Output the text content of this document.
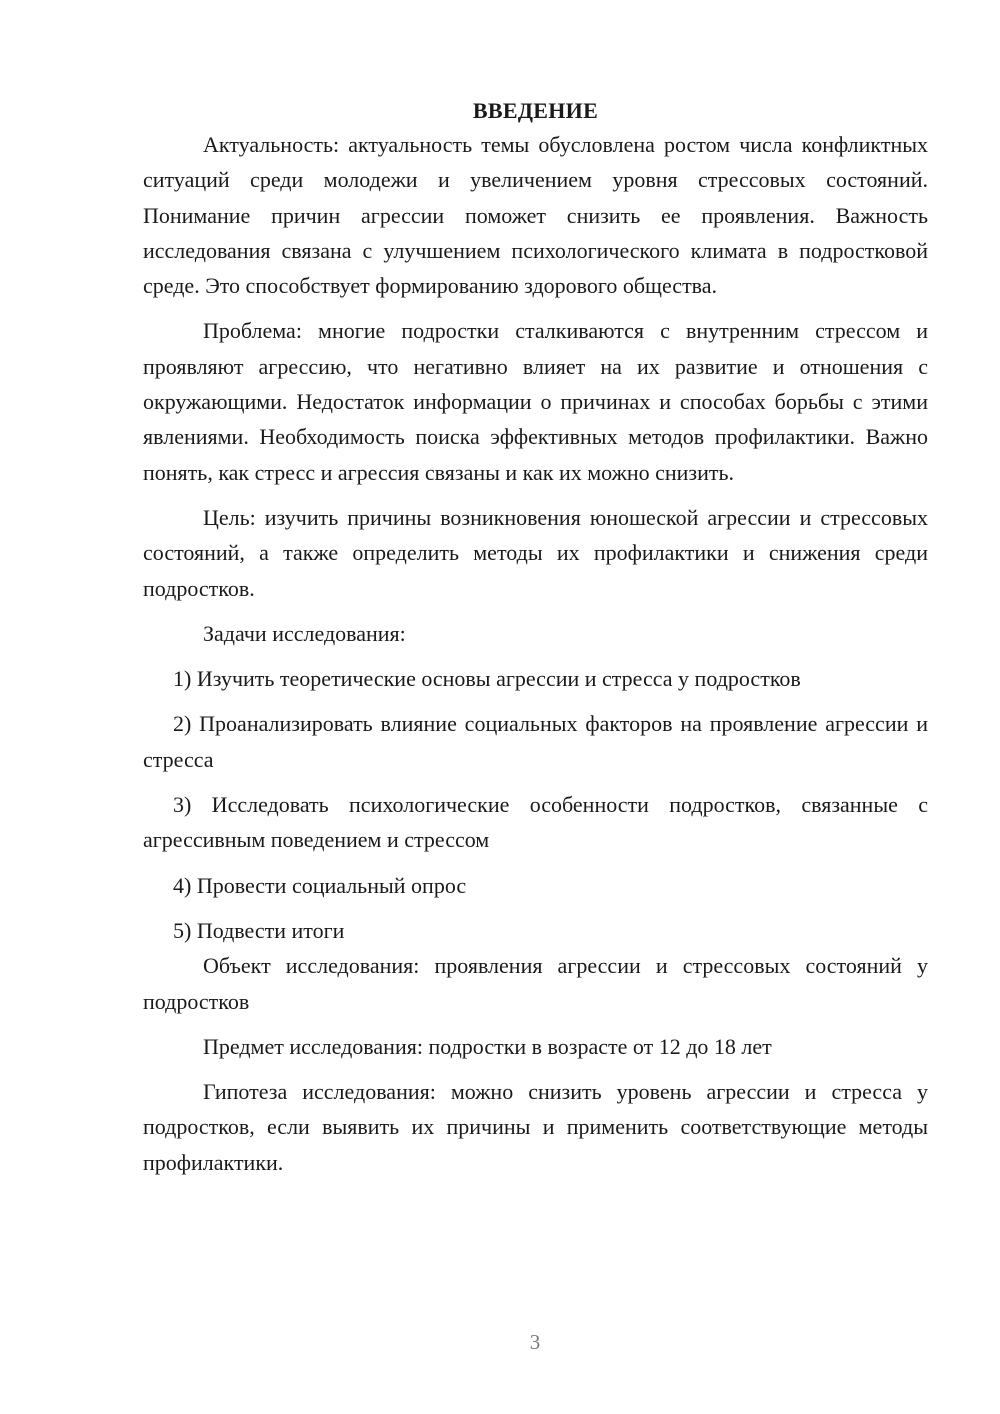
ВВЕДЕНИЕ

Актуальность: актуальность темы обусловлена ростом числа конфликтных ситуаций среди молодежи и увеличением уровня стрессовых состояний. Понимание причин агрессии поможет снизить ее проявления. Важность исследования связана с улучшением психологического климата в подростковой среде. Это способствует формированию здорового общества.

Проблема: многие подростки сталкиваются с внутренним стрессом и проявляют агрессию, что негативно влияет на их развитие и отношения с окружающими. Недостаток информации о причинах и способах борьбы с этими явлениями. Необходимость поиска эффективных методов профилактики. Важно понять, как стресс и агрессия связаны и как их можно снизить.

Цель: изучить причины возникновения юношеской агрессии и стрессовых состояний, а также определить методы их профилактики и снижения среди подростков.

Задачи исследования:

1) Изучить теоретические основы агрессии и стресса у подростков

2) Проанализировать влияние социальных факторов на проявление агрессии и стресса

3) Исследовать психологические особенности подростков, связанные с агрессивным поведением и стрессом

4) Провести социальный опрос

5) Подвести итоги

Объект исследования: проявления агрессии и стрессовых состояний у подростков

Предмет исследования: подростки в возрасте от 12 до 18 лет

Гипотеза исследования: можно снизить уровень агрессии и стресса у подростков, если выявить их причины и применить соответствующие методы профилактики.

3
